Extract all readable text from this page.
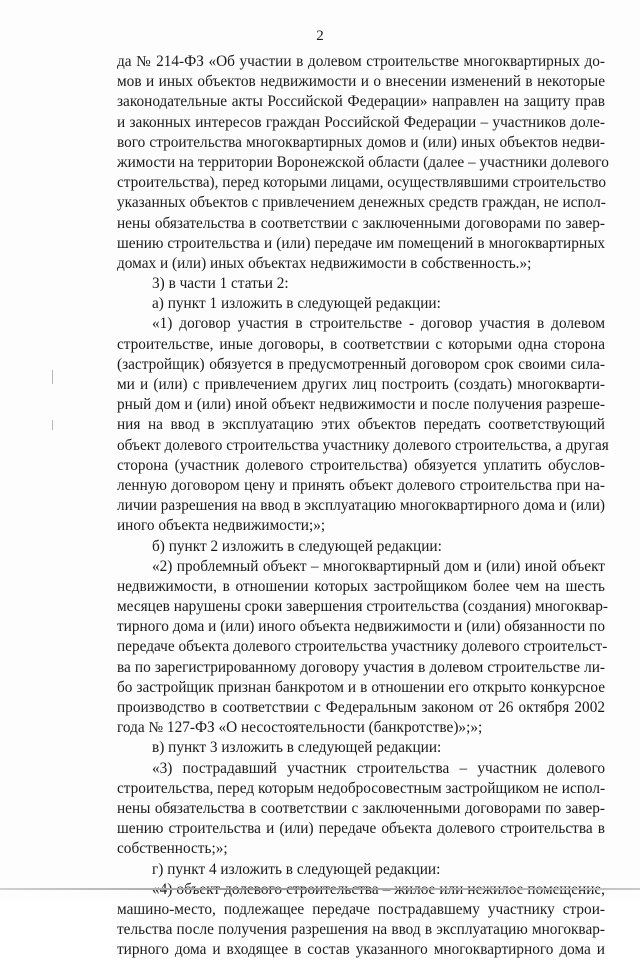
2
да № 214-ФЗ «Об участии в долевом строительстве многоквартирных до-
мов и иных объектов недвижимости и о внесении изменений в некоторые
законодательные акты Российской Федерации» направлен на защиту прав
и законных интересов граждан Российской Федерации – участников доле-
вого строительства многоквартирных домов и (или) иных объектов недви-
жимости на территории Воронежской области (далее – участники долевого
строительства), перед которыми лицами, осуществлявшими строительство
указанных объектов с привлечением денежных средств граждан, не испол-
нены обязательства в соответствии с заключенными договорами по завер-
шению строительства и (или) передаче им помещений в многоквартирных
домах и (или) иных объектах недвижимости в собственность.»;
3) в части 1 статьи 2:
а) пункт 1 изложить в следующей редакции:
«1) договор участия в строительстве - договор участия в долевом
строительстве, иные договоры, в соответствии с которыми одна сторона
(застройщик) обязуется в предусмотренный договором срок своими сила-
ми и (или) с привлечением других лиц построить (создать) многокварти-
рный дом и (или) иной объект недвижимости и после получения разреше-
ния на ввод в эксплуатацию этих объектов передать соответствующий
объект долевого строительства участнику долевого строительства, а другая
сторона (участник долевого строительства) обязуется уплатить обуслов-
ленную договором цену и принять объект долевого строительства при на-
личии разрешения на ввод в эксплуатацию многоквартирного дома и (или)
иного объекта недвижимости;»;
б) пункт 2 изложить в следующей редакции:
«2) проблемный объект – многоквартирный дом и (или) иной объект
недвижимости, в отношении которых застройщиком более чем на шесть
месяцев нарушены сроки завершения строительства (создания) многоквар-
тирного дома и (или) иного объекта недвижимости и (или) обязанности по
передаче объекта долевого строительства участнику долевого строительст-
ва по зарегистрированному договору участия в долевом строительстве ли-
бо застройщик признан банкротом и в отношении его открыто конкурсное
производство в соответствии с Федеральным законом от 26 октября 2002
года № 127-ФЗ «О несостоятельности (банкротстве)»;»;
в) пункт 3 изложить в следующей редакции:
«3) пострадавший участник строительства – участник долевого
строительства, перед которым недобросовестным застройщиком не испол-
нены обязательства в соответствии с заключенными договорами по завер-
шению строительства и (или) передаче объекта долевого строительства в
собственность;»;
г) пункт 4 изложить в следующей редакции:
машино-место, подлежащее передаче пострадавшему участнику строи-
тельства после получения разрешения на ввод в эксплуатацию многоквар-
тирного дома и входящее в состав указанного многоквартирного дома и
